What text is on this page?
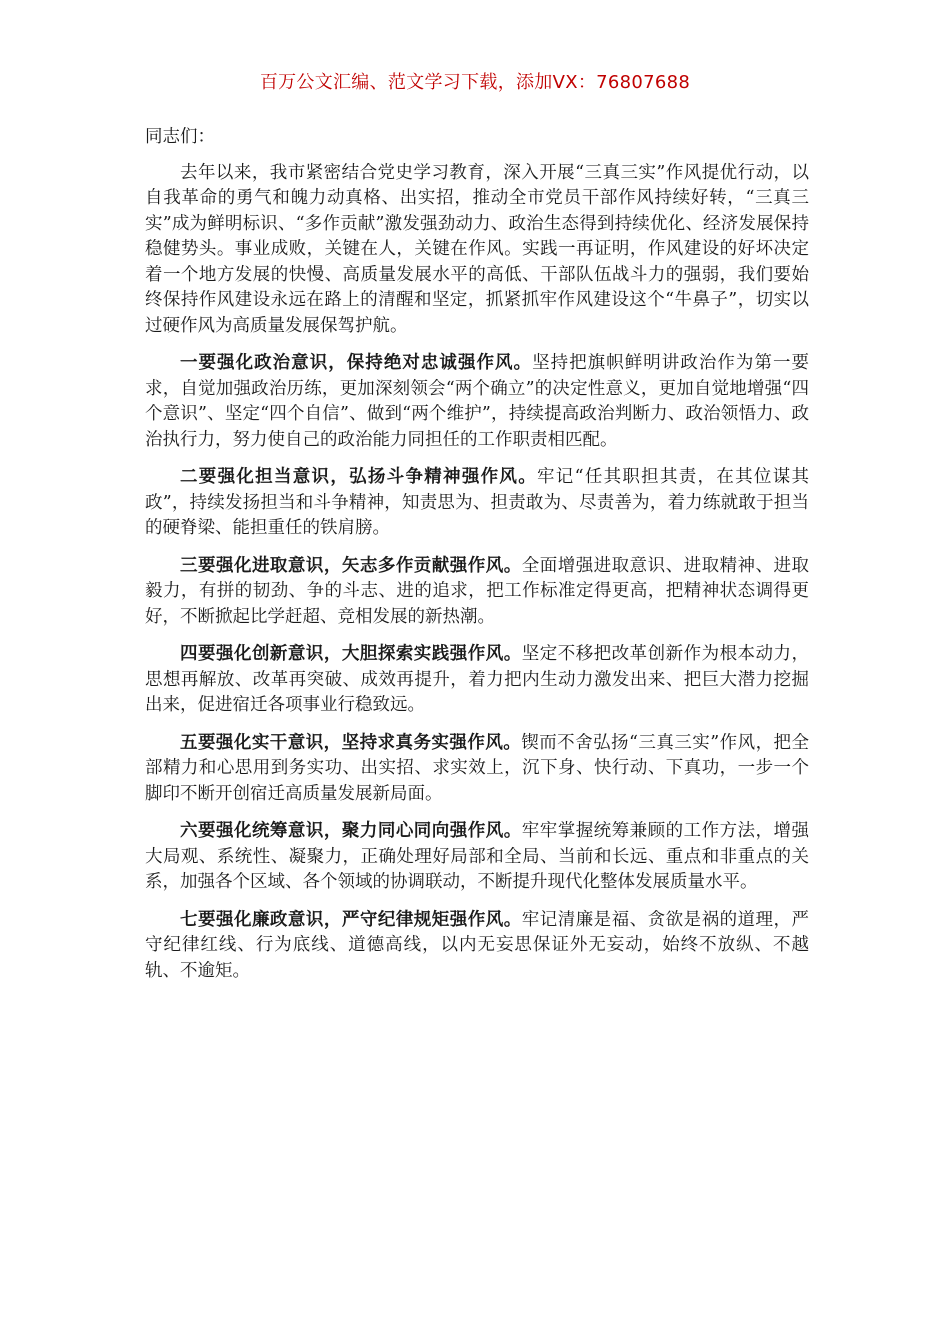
百万公文汇编、范文学习下载，添加VX：76807688

同志们：

去年以来，我市紧密结合党史学习教育，深入开展“三真三实”作风提优行动，以自我革命的勇气和魄力动真格、出实招，推动全市党员干部作风持续好转，“三真三实”成为鲜明标识、“多作贡献”激发强劲动力、政治生态得到持续优化、经济发展保持稳健势头。事业成败，关键在人，关键在作风。实践一再证明，作风建设的好坏决定着一个地方发展的快慢、高质量发展水平的高低、干部队伍战斗力的强弱，我们要始终保持作风建设永远在路上的清醒和坚定，抓紧抓牢作风建设这个“牛鼻子”，切实以过硬作风为高质量发展保驾护航。

一要强化政治意识，保持绝对忠诚强作风。坚持把旗帜鲜明讲政治作为第一要求，自觉加强政治历练，更加深刻领会“两个确立”的决定性意义，更加自觉地增强“四个意识”、坚定“四个自信”、做到“两个维护”，持续提高政治判断力、政治领悟力、政治执行力，努力使自己的政治能力同担任的工作职责相匹配。

二要强化担当意识，弘扬斗争精神强作风。牢记“任其职担其责，在其位谋其政”，持续发扬担当和斗争精神，知责思为、担责敢为、尽责善为，着力练就敢于担当的硬脊梁、能担重任的铁肩膀。

三要强化进取意识，矢志多作贡献强作风。全面增强进取意识、进取精神、进取毅力，有拼的韧劲、争的斗志、进的追求，把工作标准定得更高，把精神状态调得更好，不断掀起比学赶超、竞相发展的新热潮。

四要强化创新意识，大胆探索实践强作风。坚定不移把改革创新作为根本动力，思想再解放、改革再突破、成效再提升，着力把内生动力激发出来、把巨大潜力挖掘出来，促进宿迁各项事业行稳致远。

五要强化实干意识，坚持求真务实强作风。锲而不舍弘扬“三真三实”作风，把全部精力和心思用到务实功、出实招、求实效上，沉下身、快行动、下真功，一步一个脚印不断开创宿迁高质量发展新局面。

六要强化统筹意识，聚力同心同向强作风。牢牢掌握统筹兼顾的工作方法，增强大局观、系统性、凝聚力，正确处理好局部和全局、当前和长远、重点和非重点的关系，加强各个区域、各个领域的协调联动，不断提升现代化整体发展质量水平。

七要强化廉政意识，严守纪律规矩强作风。牢记清廉是福、贪欲是祸的道理，严守纪律红线、行为底线、道德高线，以内无妄思保证外无妄动，始终不放纵、不越轨、不逾矩。
